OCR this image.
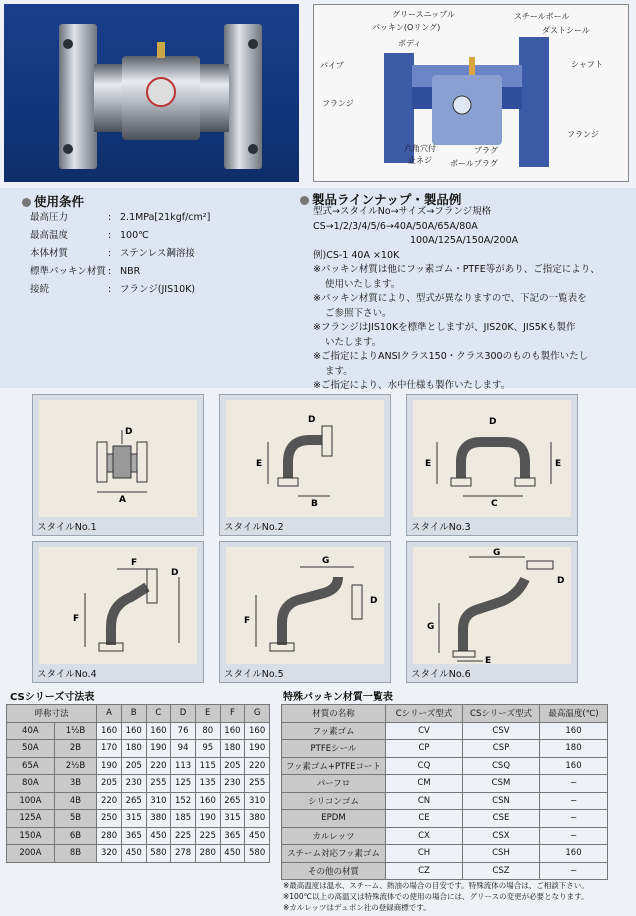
グリースニップル
パッキン(Oリング)
ボディ
パイプ
スチールボール
ダストシール
シャフト
フランジ
フランジ
六角穴付
止ネジ
プラグ
ボールプラグ
使用条件
最高圧力	: 2.1MPa[21kgf/cm²]
最高温度	: 100℃
本体材質	: ステンレス鋼溶接
標準パッキン材質 : NBR
接続	: フランジ(JIS10K)
製品ラインナップ・製品例
型式→スタイルNo→サイズ→フランジ規格
CS→1/2/3/4/5/6→40A/50A/65A/80A
100A/125A/150A/200A
例)CS-1 40A ×10K
※パッキン材質は他にフッ素ゴム・PTFE等があり、ご指定により、
使用いたします。
※パッキン材質により、型式が異なりますので、下記の一覧表を
ご参照下さい。
※フランジはJIS10Kを標準としますが、JIS20K、JIS5Kも製作
いたします。
※ご指定によりANSIクラス150・クラス300のものも製作いたし
ます。
※ご指定により、水中仕様も製作いたします。
D
A
スタイルNo.1
D
E
B
スタイルNo.2
D
E	E
C
スタイルNo.3
F
D
F
スタイルNo.4
G
D
F
スタイルNo.5
G
D
G
E
スタイルNo.6
CSシリーズ寸法表
呼称寸法		A	B	C	D	E	F	G
40A	1½B	160	160	160	76	80	160	160
50A	2B	170	180	190	94	95	180	190
65A	2½B	190	205	220	113	115	205	220
80A	3B	205	230	255	125	135	230	255
100A	4B	220	265	310	152	160	265	310
125A	5B	250	315	380	185	190	315	380
150A	6B	280	365	450	225	225	365	450
200A	8B	320	450	580	278	280	450	580
特殊パッキン材質一覧表
材質の名称	Cシリーズ型式	CSシリーズ型式	最高温度(℃)
フッ素ゴム	CV	CSV	160
PTFEシール	CP	CSP	180
フッ素ゴム+PTFEコート	CQ	CSQ	160
パーフロ	CM	CSM	−
シリコンゴム	CN	CSN	−
EPDM	CE	CSE	−
カルレッツ	CX	CSX	−
スチーム対応フッ素ゴム	CH	CSH	160
その他の材質	CZ	CSZ	−
※最高温度は温水、スチーム、熱油の場合の目安です。特殊流体の場合は、ご相談下さい。
※100℃以上の高温又は特殊流体での使用の場合には、グリースの変更が必要となります。
※カルレッツはデュポン社の登録商標です。
